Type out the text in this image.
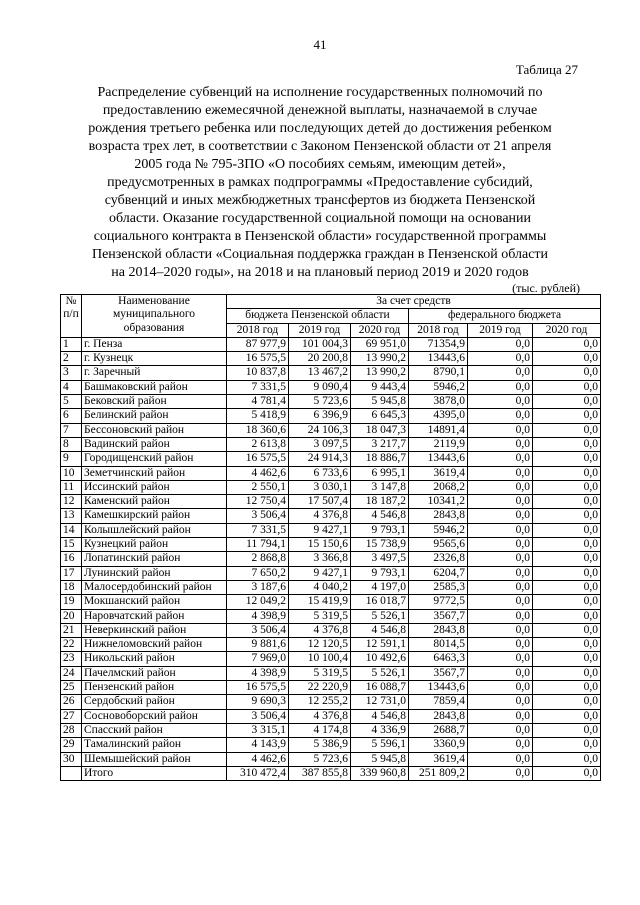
41
Таблица 27

Распределение субвенций на исполнение государственных полномочий по

предоставлению ежемесячной денежной выплаты, назначаемой в случае

рождения третьего ребенка или последующих детей до достижения ребенком

возраста трех лет, в соответствии с Законом Пензенской области от 21 апреля

2005 года № 795-ЗПО «О пособиях семьям, имеющим детей»,

предусмотренных в рамках подпрограммы «Предоставление субсидий,

субвенций и иных межбюджетных трансфертов из бюджета Пензенской

области. Оказание государственной социальной помощи на основании

социального контракта в Пензенской области» государственной программы

Пензенской области «Социальная поддержка граждан в Пензенской области

на 2014–2020 годы», на 2018 и на плановый период 2019 и 2020 годов

(тыс. рублей)
№ п/п	Наименование муниципального образования	За счет средств					
		бюджета Пензенской области			федерального бюджета		
		2018 год	2019 год	2020 год	2018 год	2019 год	2020 год
1	г. Пенза	87 977,9	101 004,3	69 951,0	71354,9	0,0	0,0
2	г. Кузнецк	16 575,5	20 200,8	13 990,2	13443,6	0,0	0,0
3	г. Заречный	10 837,8	13 467,2	13 990,2	8790,1	0,0	0,0
4	Башмаковский район	7 331,5	9 090,4	9 443,4	5946,2	0,0	0,0
5	Бековский район	4 781,4	5 723,6	5 945,8	3878,0	0,0	0,0
6	Белинский район	5 418,9	6 396,9	6 645,3	4395,0	0,0	0,0
7	Бессоновский район	18 360,6	24 106,3	18 047,3	14891,4	0,0	0,0
8	Вадинский район	2 613,8	3 097,5	3 217,7	2119,9	0,0	0,0
9	Городищенский район	16 575,5	24 914,3	18 886,7	13443,6	0,0	0,0
10	Земетчинский район	4 462,6	6 733,6	6 995,1	3619,4	0,0	0,0
11	Иссинский район	2 550,1	3 030,1	3 147,8	2068,2	0,0	0,0
12	Каменский район	12 750,4	17 507,4	18 187,2	10341,2	0,0	0,0
13	Камешкирский район	3 506,4	4 376,8	4 546,8	2843,8	0,0	0,0
14	Колышлейский район	7 331,5	9 427,1	9 793,1	5946,2	0,0	0,0
15	Кузнецкий район	11 794,1	15 150,6	15 738,9	9565,6	0,0	0,0
16	Лопатинский район	2 868,8	3 366,8	3 497,5	2326,8	0,0	0,0
17	Лунинский район	7 650,2	9 427,1	9 793,1	6204,7	0,0	0,0
18	Малосердобинский район	3 187,6	4 040,2	4 197,0	2585,3	0,0	0,0
19	Мокшанский район	12 049,2	15 419,9	16 018,7	9772,5	0,0	0,0
20	Наровчатский район	4 398,9	5 319,5	5 526,1	3567,7	0,0	0,0
21	Неверкинский район	3 506,4	4 376,8	4 546,8	2843,8	0,0	0,0
22	Нижнеломовский район	9 881,6	12 120,5	12 591,1	8014,5	0,0	0,0
23	Никольский район	7 969,0	10 100,4	10 492,6	6463,3	0,0	0,0
24	Пачелмский район	4 398,9	5 319,5	5 526,1	3567,7	0,0	0,0
25	Пензенский район	16 575,5	22 220,9	16 088,7	13443,6	0,0	0,0
26	Сердобский район	9 690,3	12 255,2	12 731,0	7859,4	0,0	0,0
27	Сосновоборский район	3 506,4	4 376,8	4 546,8	2843,8	0,0	0,0
28	Спасский район	3 315,1	4 174,8	4 336,9	2688,7	0,0	0,0
29	Тамалинский район	4 143,9	5 386,9	5 596,1	3360,9	0,0	0,0
30	Шемышейский район	4 462,6	5 723,6	5 945,8	3619,4	0,0	0,0
	Итого	310 472,4	387 855,8	339 960,8	251 809,2	0,0	0,0
